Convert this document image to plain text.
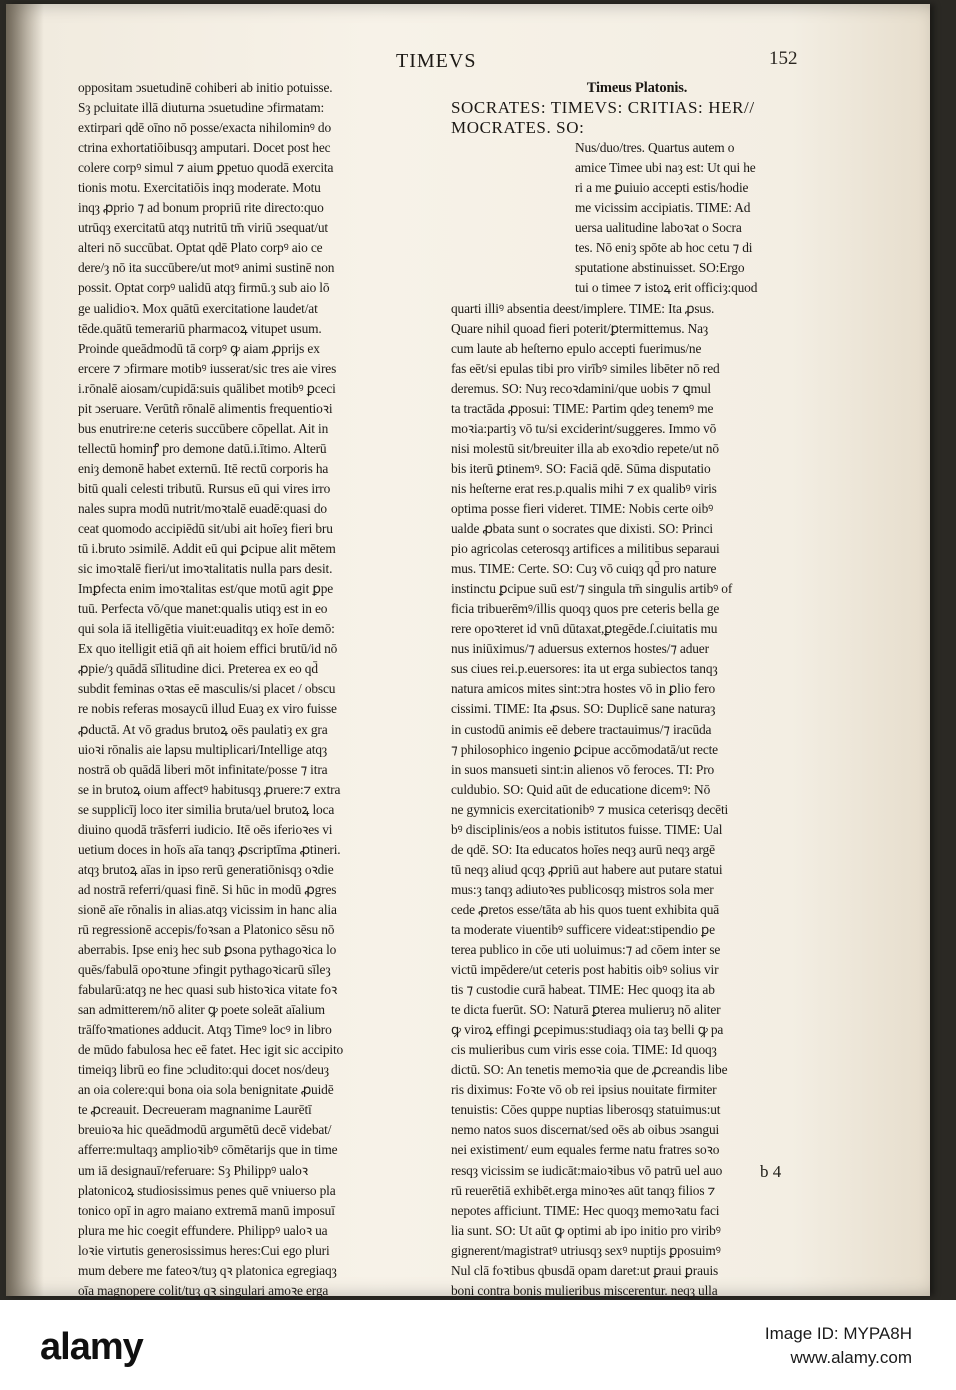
TIMEVS	152
oppositam ↄsuetudinē cohiberi ab initio potuisse.
Sȝ pcluitate illā diuturna ↄsuetudine ↄfirmatam:
extirpari qdē oīno nō posse/exacta nihilominꝰ do
ctrina exhortatiōibusqȝ amputari. Docet post hec
colere corpꝰ simul ⁊ aium ꝑpetuo quodā exercita
tionis motu. Exercitatiōis inqȝ moderate. Motu
inqȝ ꝓprio ⁊ ad bonum propriū rite directo:quo
utrūqȝ exercitatū atqȝ nutritū tm̄ viriū ↄsequat/ut
alteri nō succūbat. Optat qdē Plato corpꝰ aio ce
dere/ȝ nō ita succūbere/ut motꝰ animi sustinē non
possit. Optat corpꝰ ualidū atqȝ firmū.ȝ sub aio lō
ge ualidioꝛ. Mox quātū exercitatione laudet/at
tēde.quātū temerariū pharmacoꝝ vitupet usum.
Proinde queādmodū tā corpꝰ ꝙ aiam ꝓprijs ex
ercere ⁊ ↄfirmare motibꝰ iusserat/sic tres aie vires
i.rōnalē aiosam/cupidā:suis quālibet motibꝰ ꝑceci
pit ↄseruare. Verūtñ rōnalē alimentis frequentioꝛi
bus enutrire:ne ceteris succūbere cōpellat. Ait in
tellectū hominꝭ pro demone datū.i.ītimo. Alterū
eniȝ demonē habet externū. Itē rectū corporis ha
bitū quali celesti tributū. Rursus eū qui vires irro
nales supra modū nutrit/moꝛtalē euadē:quasi do
ceat quomodo accipiēdū sit/ubi ait hoīeȝ fieri bru
tū i.bruto ↄsimilē. Addit eū qui ꝑcipue alit mētem
sic imoꝛtalē fieri/ut imoꝛtalitatis nulla pars desit.
Imꝑfecta enim imoꝛtalitas est/que motū agit ꝑpe
tuū. Perfecta vō/que manet:qualis utiqȝ est in eo
qui sola iā itelligētia viuit:euaditqȝ ex hoīe demō:
Ex quo itelligit etiā qn̄ ait hoiem effici brutū/id nō
ꝓpie/ȝ quādā sīlitudine dici. Preterea ex eo qd̄
subdit feminas oꝛtas eē masculis/si placet / obscu
re nobis referas mosaycū illud Euaȝ ex viro fuisse
ꝓductā. At vō gradus brutoꝝ oēs paulatiȝ ex gra
uioꝛi rōnalis aie lapsu multiplicari/Intellige atqȝ
nostrā ob quādā liberi mōt infinitate/posse ⁊ itra
se in brutoꝝ oium affectꝰ habitusqȝ ꝓruere:⁊ extra
se supplicīj loco iter similia bruta/uel brutoꝝ loca
diuino quodā trāsferri iudicio. Itē oēs iferioꝛes vi
uetium doces in hoīs aīa tanqȝ ꝓscriptīma ꝓtineri.
atqȝ brutoꝝ aīas in ipso rerū generatiōnisqȝ oꝛdie
ad nostrā referri/quasi finē. Si hūc in modū ꝓgres
sionē aīe rōnalis in alias.atqȝ vicissim in hanc alia
rū regressionē accepis/foꝛsan a Platonico sēsu nō
aberrabis. Ipse eniȝ hec sub ꝑsona pythagoꝛica lo
quēs/fabulā opoꝛtune ↄfingit pythagoꝛicarū sīleȝ
fabularū:atqȝ ne hec quasi sub histoꝛica vitate foꝛ
san admitterem/nō aliter ꝙ poete soleāt aīalium
trāſfoꝛmationes adducit. Atqȝ Timeꝰ locꝰ in libro
de mūdo fabulosa hec eē fatet. Hec igit sic accipito
timeiqȝ librū eo fine ↄcludito:qui docet nos/deuȝ
an oia colere:qui bona oia sola benignitate ꝓuidē
te ꝓcreauit. Decreueram magnanime Laurētī
breuioꝛa hic queādmodū argumētū decē videbat/
afferre:multaqȝ amplioꝛibꝰ cōmētarijs que in time
um iā designauī/referuare: Sȝ Philippꝰ ualoꝛ
platonicoꝝ studiosissimus penes quē vniuerso pla
tonico opī in agro maiano extremā manū imposuī
plura me hic coegit effundere. Philippꝰ ualoꝛ ua
loꝛie virtutis generosissimus heres:Cui ego pluri
mum debere me fateoꝛ/tuȝ qꝛ platonica egregiaqȝ
oīa magnopere colit/tuȝ qꝛ singulari amoꝛe erga
Timeus Platonis.
SOCRATES: TIMEVS: CRITIAS: HER//
MOCRATES. SO:
Nus/duo/tres. Quartus autem o
amice Timee ubi naȝ est: Ut qui he
ri a me ꝑuiuio accepti estis/hodie
me vicissim accipiatis. TIME: Ad
uersa ualitudine laboꝛat o Socra
tes. Nō eniȝ spōte ab hoc cetu ⁊ di
sputatione abstinuisset. SO:Ergo
tui o timee ⁊ istoꝝ erit officiȝ:quod
quarti illiꝰ absentia deest/implere. TIME: Ita ꝓsus.
Quare nihil quoad fieri poterit/ꝑtermittemus. Naȝ
cum laute ab heſterno epulo accepti fuerimus/ne
fas eēt/si epulas tibi pro virībꝰ similes libēter nō red
deremus. SO: Nuȝ recoꝛdamini/que uobis ⁊ ꝗmul
ta tractāda ꝓposui: TIME: Partim qdeȝ tenemꝰ me
moꝛia:partiȝ vō tu/si exciderint/suggeres. Immo vō
nisi molestū sit/breuiter illa ab exoꝛdio repete/ut nō
bis iterū ꝑtinemꝰ. SO: Faciā qdē. Sūma disputatio
nis heſterne erat res.p.qualis mihi ⁊ ex qualibꝰ viris
optima posse fieri videret. TIME: Nobis certe oibꝰ
ualde ꝓbata sunt o socrates que dixisti. SO: Princi
pio agricolas ceterosqȝ artifices a militibus separaui
mus. TIME: Certe. SO: Cuȝ vō cuiqȝ qd̄ pro nature
instinctu ꝑcipue suū est/⁊ singula tm̄ singulis artibꝰ of
ficia tribuerēmꝰ/illis quoqȝ quos pre ceteris bella ge
rere opoꝛteret id vnū dūtaxat,ꝑtegēde.ſ.ciuitatis mu
nus iniūximus/⁊ aduersus externos hostes/⁊ aduer
sus ciues rei.p.euersores: ita ut erga subiectos tanqȝ
natura amicos mites sint:ↄtra hostes vō in ꝑlio fero
cissimi. TIME: Ita ꝓsus. SO: Duplicē sane naturaȝ
in custodū animis eē debere tractauimus/⁊ iracūda
⁊ philosophico ingenio ꝑcipue accōmodatā/ut recte
in suos mansueti sint:in alienos vō feroces. TI: Pro
culdubio. SO: Quid aūt de educatione dicemꝰ: Nō
ne gymnicis exercitationibꝰ ⁊ musica ceterisqȝ decēti
bꝰ disciplinis/eos a nobis istitutos fuisse. TIME: Ual
de qdē. SO: Ita educatos hoīes neqȝ aurū neqȝ argē
tū neqȝ aliud qcqȝ ꝓpriū aut habere aut putare statui
mus:ȝ tanqȝ adiutoꝛes publicosqȝ mistros sola mer
cede ꝓretos esse/tāta ab his quos tuent exhibita quā
ta moderate viuentibꝰ sufficere videat:stipendio ꝑe
terea publico in cōe uti uoluimus:⁊ ad cōem inter se
victū impēdere/ut ceteris post habitis oibꝰ solius vir
tis ⁊ custodie curā habeat. TIME: Hec quoqȝ ita ab
te dicta fuerūt. SO: Naturā ꝑterea mulieruȝ nō aliter
ꝙ viroꝝ effingi ꝑcepimus:studiaqȝ oia taȝ belli ꝙ pa
cis mulieribus cum viris esse coia. TIME: Id quoqȝ
dictū. SO: An tenetis memoꝛia que de ꝓcreandis libe
ris diximus: Foꝛte vō ob rei ipsius nouitate firmiter
tenuistis: Cōes quppe nuptias liberosqȝ statuimus:ut
nemo natos suos discernat/sed oēs ab oibus ↄsangui
nei existiment/ eum equales ferme natu fratres soꝛo
resqȝ vicissim se iudicāt:maioꝛibus vō patrū uel auo
rū reuerētiā exhibēt.erga minoꝛes aūt tanqȝ filios ⁊
nepotes afficiunt. TIME: Hec quoqȝ memoꝛatu faci
lia sunt. SO: Ut aūt ꝙ optimi ab ipo initio pro viribꝰ
gignerent/magistratꝰ utriusqȝ sexꝰ nuptijs ꝑposuimꝰ
Nul clā foꝛtibus qbusdā opam daret:ut ꝑraui ꝑrauis
boni contra bonis mulieribus miscerentur. neqȝ ulla
b 4
alamy	Image ID: MYPA8H
www.alamy.com
